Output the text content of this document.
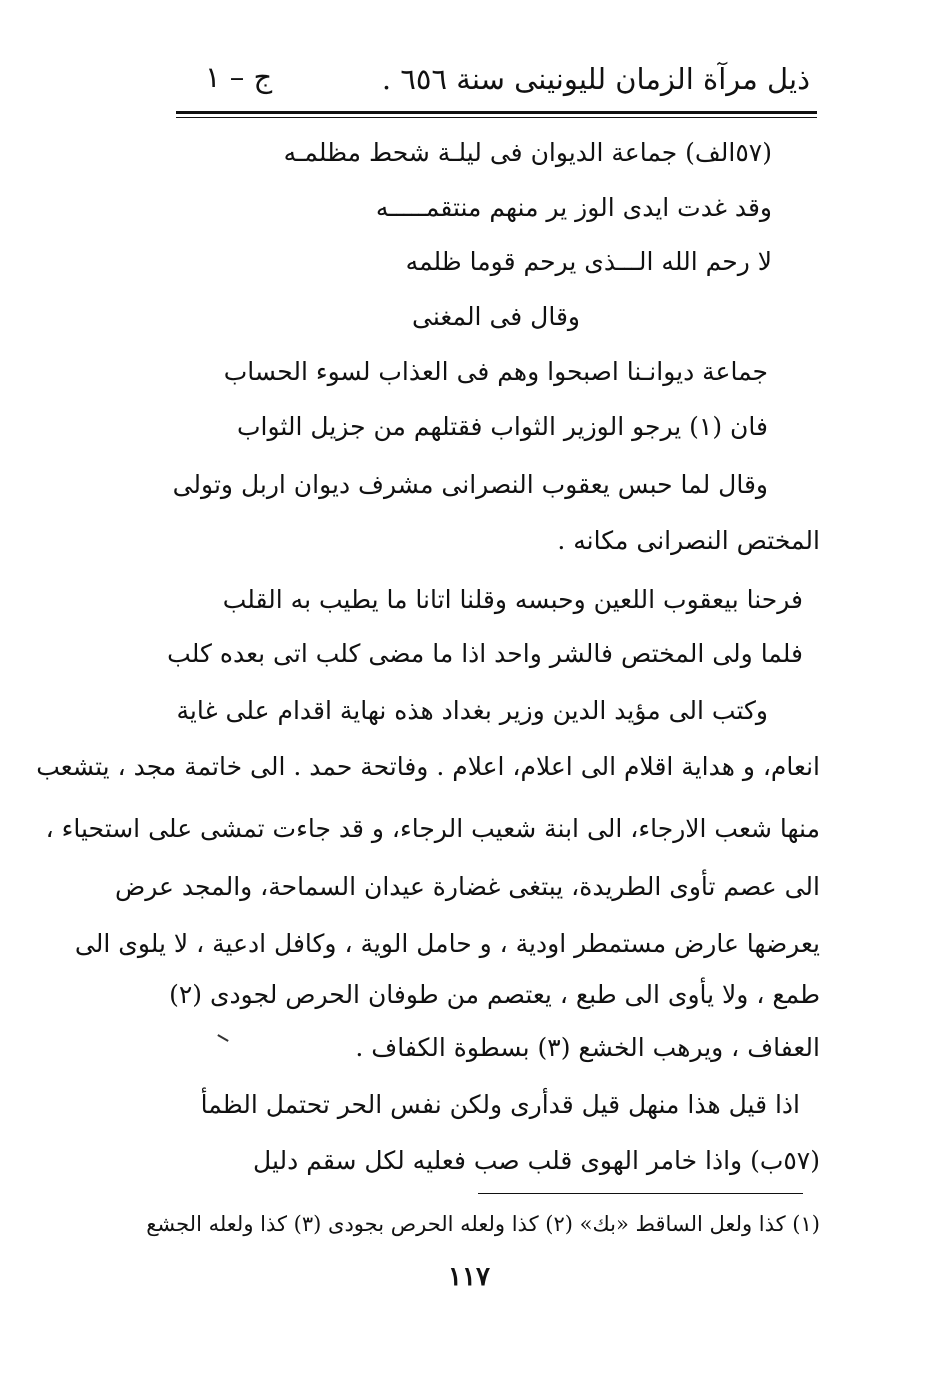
ذيل مرآة الزمان لليونينى سنة ٦٥٦ .
ج – ١
(٥٧الف) جماعة الديوان فى ليلـة شحط مظلمـه
وقد غدت ايدى الوز ير منهم منتقمـــــه
لا رحم الله الـــذى يرحم قوما ظلمه
وقال فى المغنى
جماعة ديوانـنا اصبحوا وهم فى العذاب لسوء الحساب
فان (١) يرجو الوزير الثواب فقتلهم من جزيل الثواب
وقال لما حبس يعقوب النصرانى مشرف ديوان اربل وتولى
المختص النصرانى مكانه .
فرحنا بيعقوب اللعين وحبسه وقلنا اتانا ما يطيب به القلب
فلما ولى المختص فالشر واحد اذا ما مضى كلب اتى بعده كلب
وكتب الى مؤيد الدين وزير بغداد هذه نهاية اقدام على غاية
انعام، و هداية اقلام الى اعلام، اعلام . وفاتحة حمد . الى خاتمة مجد ، يتشعب
منها شعب الارجاء، الى ابنة شعيب الرجاء، و قد جاءت تمشى على استحياء ،
الى عصم تأوى الطريدة، يبتغى غضارة عيدان السماحة، والمجد عرض
يعرضها عارض مستمطر اودية ، و حامل الوية ، وكافل ادعية ، لا يلوى الى
طمع ، ولا يأوى الى طبع ، يعتصم من طوفان الحرص لجودى (٢)
العفاف ، ويرهب الخشع (٣) بسطوة الكفاف .
اذا قيل هذا منهل قيل قدأرى ولكن نفس الحر تحتمل الظمأ
(٥٧ب) واذا خامر الهوى قلب صب فعليه لكل سقم دليل
(١) كذا ولعل الساقط «بك» (٢) كذا ولعله الحرص بجودى (٣) كذا ولعله الجشع
١١٧
